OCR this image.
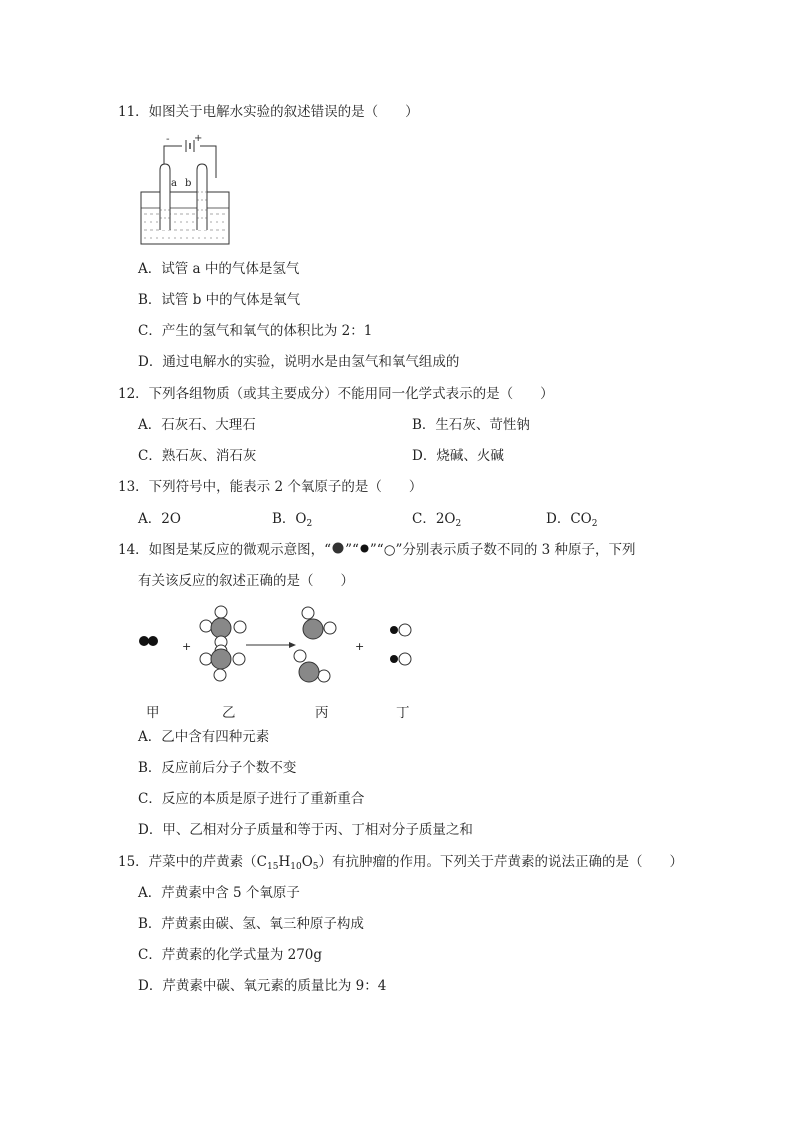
11．如图关于电解水实验的叙述错误的是（　　）
- +
a b
A．试管 a 中的气体是氢气
B．试管 b 中的气体是氧气
C．产生的氢气和氧气的体积比为 2：1
D．通过电解水的实验，说明水是由氢气和氧气组成的
12．下列各组物质（或其主要成分）不能用同一化学式表示的是（　　）
A．石灰石、大理石	B．生石灰、苛性钠
C．熟石灰、消石灰	D．烧碱、火碱
13．下列符号中，能表示 2 个氧原子的是（　　）
A．2O	B．$O_2$	C．$2O_2$	D．$CO_2$
14．如图是某反应的微观示意图，“ ”“ ”“○”分别表示质子数不同的 3 种原子，下列
有关该反应的叙述正确的是（　　）
+	+
甲	乙	丙	丁
A．乙中含有四种元素
B．反应前后分子个数不变
C．反应的本质是原子进行了重新重合
D．甲、乙相对分子质量和等于丙、丁相对分子质量之和
15．芹菜中的芹黄素$(C_{15}H_{10}O_5)$有抗肿瘤的作用。下列关于芹黄素的说法正确的是（　　）
A．芹黄素中含 5 个氧原子
B．芹黄素由碳、氢、氧三种原子构成
C．芹黄素的化学式量为 270g
D．芹黄素中碳、氧元素的质量比为 9：4
